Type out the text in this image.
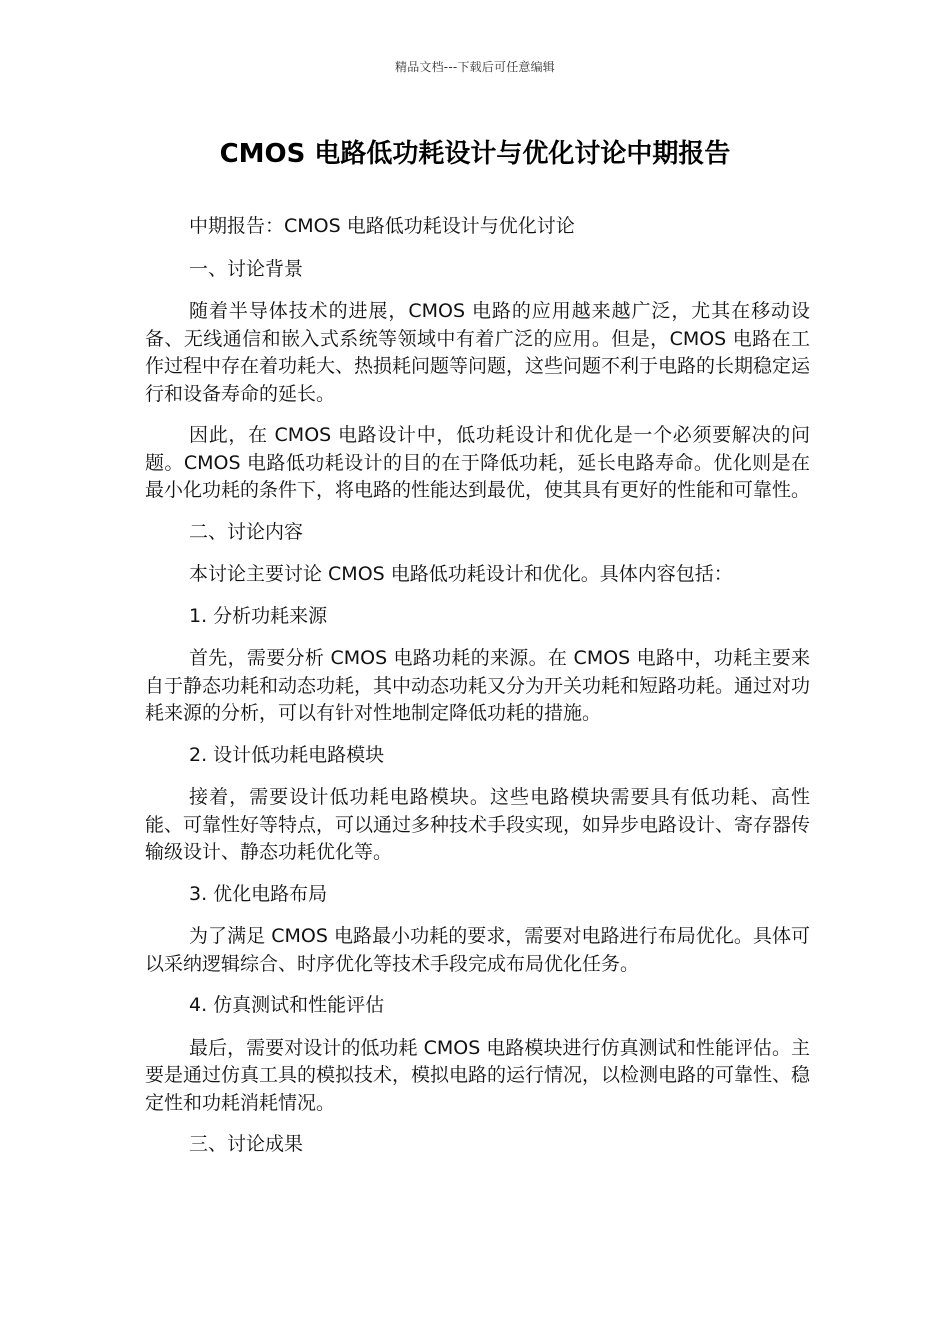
精品文档---下载后可任意编辑
CMOS 电路低功耗设计与优化讨论中期报告

中期报告：CMOS 电路低功耗设计与优化讨论

一、讨论背景

随着半导体技术的进展，CMOS 电路的应用越来越广泛，尤其在移动设备、无线通信和嵌入式系统等领域中有着广泛的应用。但是，CMOS 电路在工作过程中存在着功耗大、热损耗问题等问题，这些问题不利于电路的长期稳定运行和设备寿命的延长。

因此，在 CMOS 电路设计中，低功耗设计和优化是一个必须要解决的问题。CMOS 电路低功耗设计的目的在于降低功耗，延长电路寿命。优化则是在最小化功耗的条件下，将电路的性能达到最优，使其具有更好的性能和可靠性。

二、讨论内容

本讨论主要讨论 CMOS 电路低功耗设计和优化。具体内容包括：

1. 分析功耗来源

首先，需要分析 CMOS 电路功耗的来源。在 CMOS 电路中，功耗主要来自于静态功耗和动态功耗，其中动态功耗又分为开关功耗和短路功耗。通过对功耗来源的分析，可以有针对性地制定降低功耗的措施。

2. 设计低功耗电路模块

接着，需要设计低功耗电路模块。这些电路模块需要具有低功耗、高性能、可靠性好等特点，可以通过多种技术手段实现，如异步电路设计、寄存器传输级设计、静态功耗优化等。

3. 优化电路布局

为了满足 CMOS 电路最小功耗的要求，需要对电路进行布局优化。具体可以采纳逻辑综合、时序优化等技术手段完成布局优化任务。

4. 仿真测试和性能评估

最后，需要对设计的低功耗 CMOS 电路模块进行仿真测试和性能评估。主要是通过仿真工具的模拟技术，模拟电路的运行情况，以检测电路的可靠性、稳定性和功耗消耗情况。

三、讨论成果
